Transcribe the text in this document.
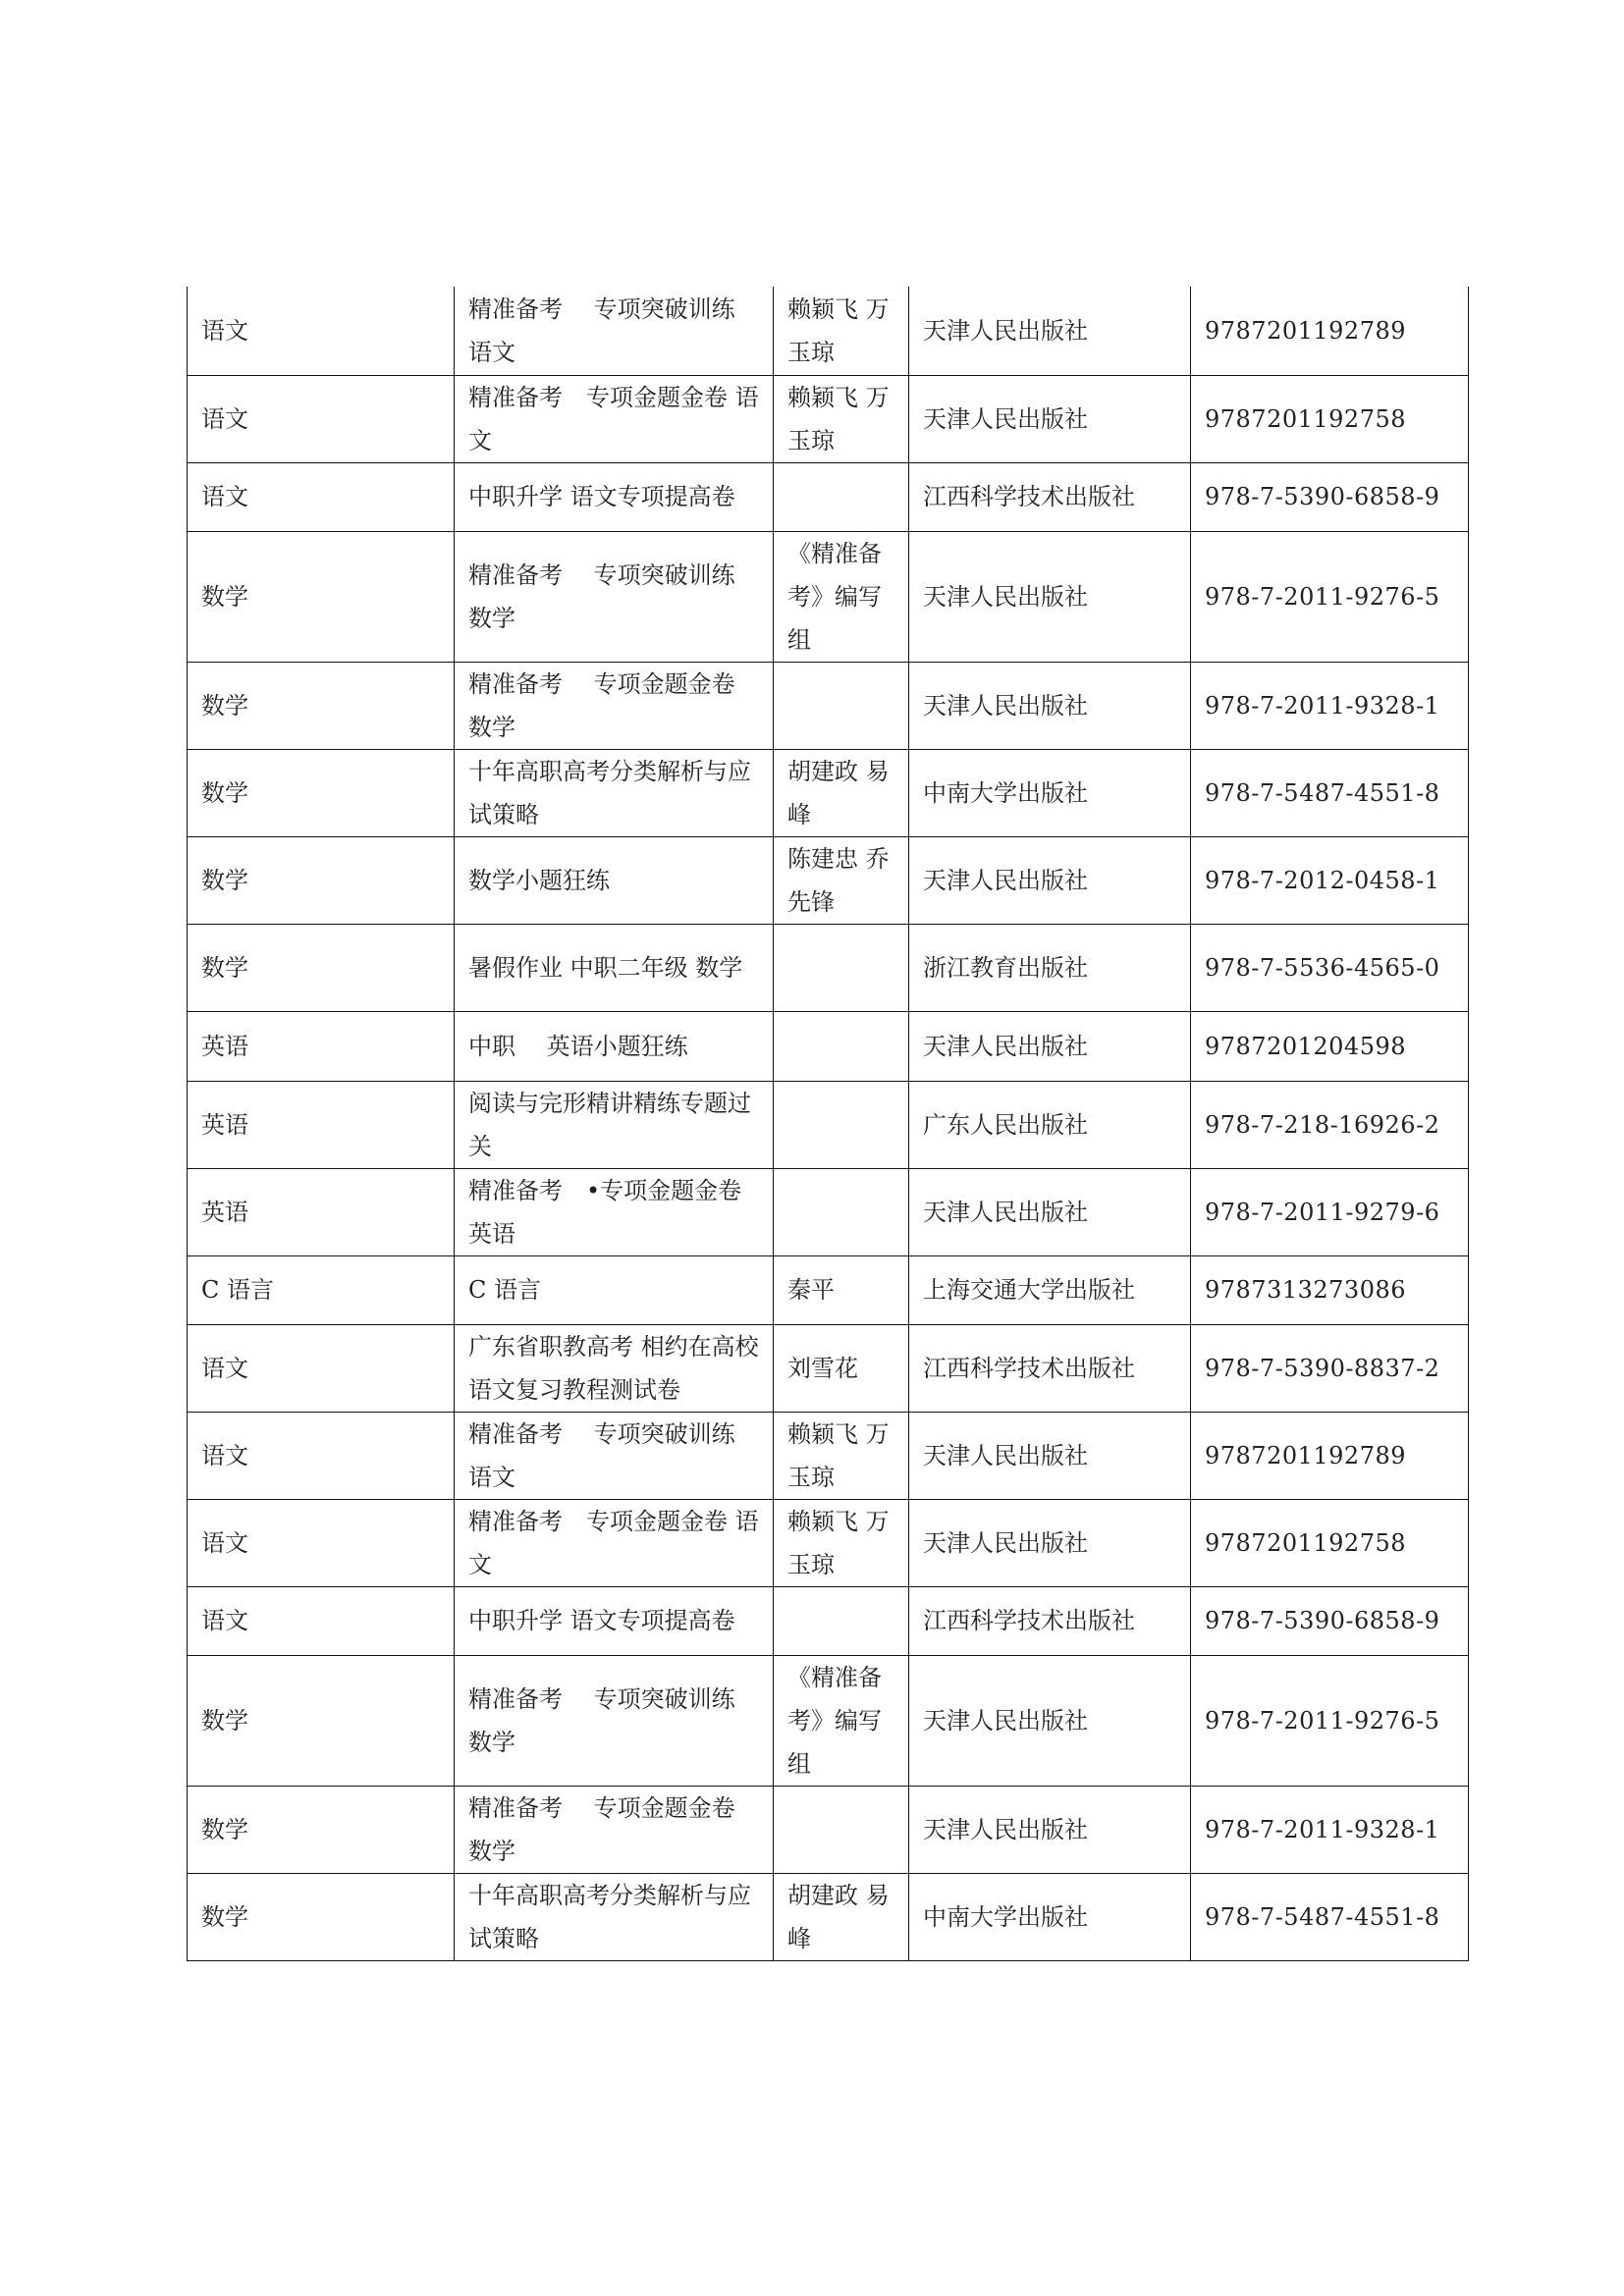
语文	精准备考　 专项突破训练 语文	赖颖飞 万玉琼	天津人民出版社	9787201192789
语文	精准备考　专项金题金卷 语文	赖颖飞 万玉琼	天津人民出版社	9787201192758
语文	中职升学 语文专项提高卷		江西科学技术出版社	978-7-5390-6858-9
数学	精准备考　 专项突破训练 数学	《精准备考》编写组	天津人民出版社	978-7-2011-9276-5
数学	精准备考　 专项金题金卷 数学		天津人民出版社	978-7-2011-9328-1
数学	十年高职高考分类解析与应试策略	胡建政 易峰	中南大学出版社	978-7-5487-4551-8
数学	数学小题狂练	陈建忠 乔先锋	天津人民出版社	978-7-2012-0458-1
数学	暑假作业 中职二年级 数学		浙江教育出版社	978-7-5536-4565-0
英语	中职　 英语小题狂练		天津人民出版社	9787201204598
英语	阅读与完形精讲精练专题过关		广东人民出版社	978-7-218-16926-2
英语	精准备考　•专项金题金卷 英语		天津人民出版社	978-7-2011-9279-6
C 语言	C 语言	秦平	上海交通大学出版社	9787313273086
语文	广东省职教高考 相约在高校 语文复习教程测试卷	刘雪花	江西科学技术出版社	978-7-5390-8837-2
语文	精准备考　 专项突破训练 语文	赖颖飞 万玉琼	天津人民出版社	9787201192789
语文	精准备考　专项金题金卷 语文	赖颖飞 万玉琼	天津人民出版社	9787201192758
语文	中职升学 语文专项提高卷		江西科学技术出版社	978-7-5390-6858-9
数学	精准备考　 专项突破训练 数学	《精准备考》编写组	天津人民出版社	978-7-2011-9276-5
数学	精准备考　 专项金题金卷 数学		天津人民出版社	978-7-2011-9328-1
数学	十年高职高考分类解析与应试策略	胡建政 易峰	中南大学出版社	978-7-5487-4551-8
